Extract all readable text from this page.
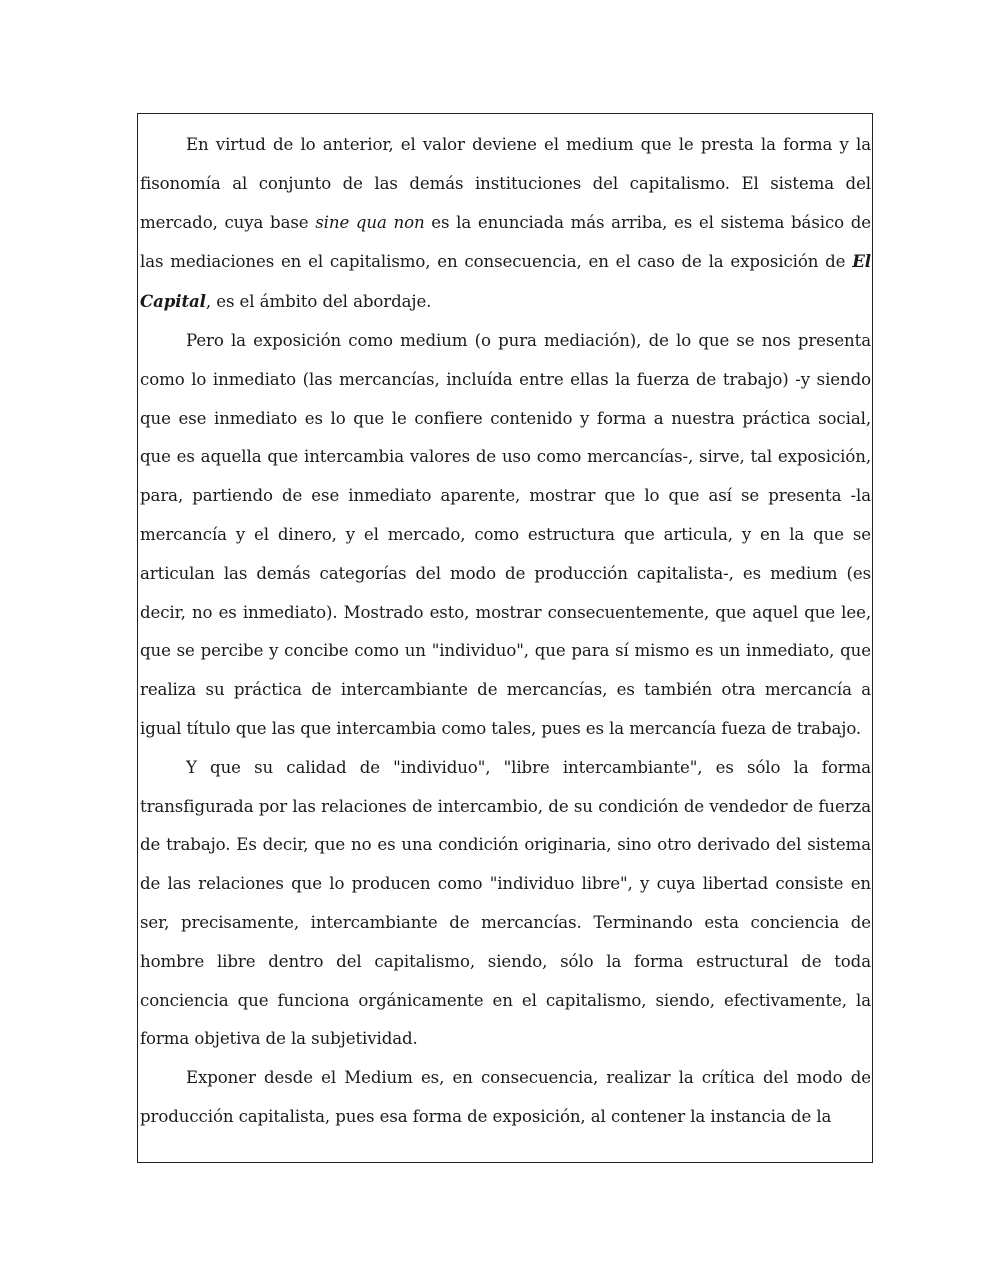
En virtud de lo anterior, el valor deviene el medium que le presta la forma y la fisonomía al conjunto de las demás instituciones del capitalismo. El sistema del mercado, cuya base sine qua non es la enunciada más arriba, es el sistema básico de las mediaciones en el capitalismo, en consecuencia, en el caso de la exposición de El Capital, es el ámbito del abordaje.

Pero la exposición como medium (o pura mediación), de lo que se nos presenta como lo inmediato (las mercancías, incluída entre ellas la fuerza de trabajo) -y siendo que ese inmediato es lo que le confiere contenido y forma a nuestra práctica social, que es aquella que intercambia valores de uso como mercancías-, sirve, tal exposición, para, partiendo de ese inmediato aparente, mostrar que lo que así se presenta -la mercancía y el dinero, y el mercado, como estructura que articula, y en la que se articulan las demás categorías del modo de producción capitalista-, es medium (es decir, no es inmediato). Mostrado esto, mostrar consecuentemente, que aquel que lee, que se percibe y concibe como un "individuo", que para sí mismo es un inmediato, que realiza su práctica de intercambiante de mercancías, es también otra mercancía a igual título que las que intercambia como tales, pues es la mercancía fueza de trabajo.

Y que su calidad de "individuo", "libre intercambiante", es sólo la forma transfigurada por las relaciones de intercambio, de su condición de vendedor de fuerza de trabajo. Es decir, que no es una condición originaria, sino otro derivado del sistema de las relaciones que lo producen como "individuo libre", y cuya libertad consiste en ser, precisamente, intercambiante de mercancías. Terminando esta conciencia de hombre libre dentro del capitalismo, siendo, sólo la forma estructural de toda conciencia que funciona orgánicamente en el capitalismo, siendo, efectivamente, la forma objetiva de la subjetividad.

Exponer desde el Medium es, en consecuencia, realizar la crítica del modo de producción capitalista, pues esa forma de exposición, al contener la instancia de la
